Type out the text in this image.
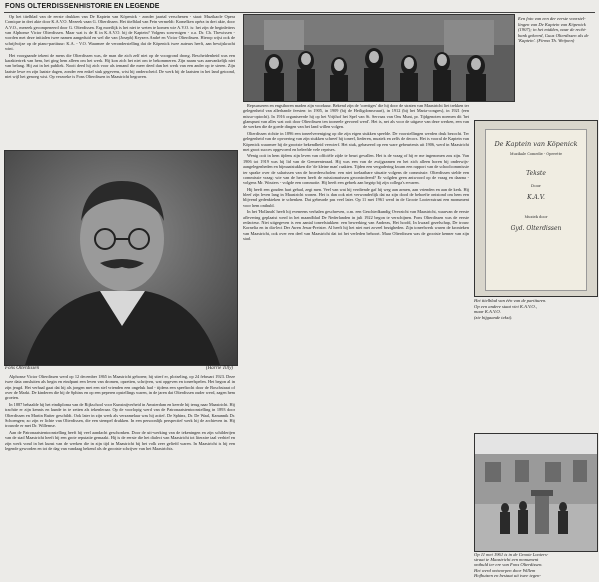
FONS OLTERDISSEN:
HISTORIE EN LEGENDE

Op het titelblad van de eerste drukken van De Kaptein van Köpenick - zonder jaartal verschenen - staat: Muzikaole Opera Comique in drei akte door K.A.V.O. Mezeek vaan G. Olterdissen. Het titelblad van Fein vermeldt: Komelken opéra in drei akte, door A.V.O., mezeek gecompeneerd door G. Olterdissen. Erg moeilijk is het niet te weten te komen wie A.V.O. is: het zijn de beginletters van Alphonse Victor Olterdissen. Maar wat is de K in K.A.V.O. bij de Kaptein? Volgens som-migen - o.a. Dr. Ch. Thewissen - worden met deze initialen twee namen aangeduid en wel die van (Joseph) Keyzers André en Victor Olterdissen. Hierop wijst ook de schrijfwijze op de piano-partituur: K.A. - V.O. Waarmee de veronderstelling dat de Köpenick twee auteurs heeft, aan bewijskracht wint.

Het voorgaande tekent de mens die Olterdissen was, de man die zich zelf niet op de voorgrond drong. Bescheidenheid was een karaktertrek van hem, het ging hem alleen om het werk. Hij kon zich het niet om te bekommeren. Zijn naam was aanvankelijk niet van belang. Hij zat in het publiek. Nooit deed hij zich voor als iemand die meer deed dan het werk van een ander op te sieren. Zijn laatste lewe en zijn laatste dagen, zonder een enkel stuk gegevens, wist hij onderscheid. De werk bij de laatsten in het land getoond, niet wijl het genoeg wist. Op verzoeke is Fons Olterdissen in Maastricht begraven.

Fons Olterdissen	(Harrie Tilly)

Alphonse Victor Olterdissen werd op 12 december 1865 in Maastricht geboren; hij stierf er, plotseling, op 24 februari 1923. Deze twee data omsluiten als begin en eindpunt een leven van dromen, opzetten, schrijven, wat opgeven en toneelspelen. Het begon al in zijn jeugd. Het verhaal gaat dat hij als jongen met een stel vrienden een ongeluk had - tijdens een speeltocht door de Boschstraat of over de Markt. De kinderen die bij de Sphinx en op een peperen opstellings waren, in de jaren dat Olterdissen ouder werd, zagen hem groeien.

In 1887 behaalde hij het eindiploma van de Rijkschool voor Kunstnijverheid in Amsterdam en keerde hij terug naar Maastricht. Hij trachtte er zijn kennis en kunde in te zetten als tekenleraar. Op de voorlopig werd van de Patronaatstentoonstelling in 1893 door Olterdissen en Martin Ruiter geschildt. Ook later in zijn werk als verzamelaar was hij actief. De Sphinx, Dr. De Waal, Kanunnik Dr. Schoengen; zo zijn er lichte van Olterdissen, die een stempel drukken. In een persoonlijk perspectief werk hij de archieven in. Hij trouwde er met Dr. Willemse.

Aan de Patronaatstentoonstelling heeft hij veel aandacht geschonken. Door de uit-werking van de tekeningen en zijn schilderijen van de stad Maastricht heeft hij een grote reputatie gemaakt. Hij is de eerste die het dialect van Maastricht tot literaire taal verhief en zijn werk vond in het kunst van de werken die in zijn tijd in Maastricht bij het volk zeer geliefd waren. In Maastricht is hij een legende geworden en tot de dag van vandaag bekend als de grootste schrijver van het Maastrichts.

Een foto van een der eerste voorstel-
lingen van De Kaptein van Köpenick
(1907); in het midden, naar de recht-
bank gekeerd, Guus Olterdissen als de
'Kaptein'. (Firma Th. Weijnen)

Repsusseren en engsthoren maden zijn voorkuur. Bekend zijn de 'coertiges' die hij door de straten van Maastricht liet trekken ter gelegenheid van allerhande feesten: in 1905, in 1909 (bij de Heiligdomsvaart), in 1912 (bij het Maria-congres), in 1921 (een misso-optocht). In 1916 organiseerde hij op het Vrijthof het Spel van St. Servaas van Ons Munt, pr. Tijdgenoten noemen dit 'het glanspunt van alles wat ooit door Olterdissen ten tooneele gevoerd werd'. Het is, net als voor de uitgave van deze werken, een van de werken die de goede dingen van het land willen volgen.

Olterdissen richtte in 1896 een toneelvereniging op die zijn eigen stukken speelde. De voorstellingen werden druk bezocht. Ter gelegenheid van de opvoering van zijn stukken schreef hij toneel, liederen, muziek en zelfs de decors. Het is vooral de Kaptein van Köpenick waarmee hij de grootste bekendheid verwierf. Het stuk, gebaseerd op een ware gebeurtenis uit 1906, werd in Maastricht met groot succes opgevoerd en beleefde vele reprises.

Wenig ooit in hem tijdens zijn leven van officiële zijde te beurt gevallen. Het is de vraag of hij er me ingenomen zou zijn. Van 1906 tot 1919 was hij lid van de Gemeenteraad. Hij was een van de zwijgzamen en het zich alleen horen bij onderwijs-aangelegenheden en bijmaatstukken die 'de kleine man' raakten. Tijden een vergadering kwam een rapport van de schoolcommissie ter sprake over de salarissen van de broederscholen: een niet toelaatbare situatie volgens de commissie. Olterdissen stelde een commissie vraag: wie van de heren heeft de missionarissen gecontroleerd? Er volgden geen antwoord op de vraag en daarna - volgens Mr. Wouters - volgde een commotie. Hij heeft een gebrek aan begrip bij zijn collega's ervaren.

Hij heeft een gouden hart gehad, zegt men. Veel van wat hij verdiende gaf hij weg aan armen, aan vrienden en aan de kerk. Hij bleef zijn leven lang in Maastricht wonen. Het is dan ook niet verwonderlijk dat na zijn dood de behoefte ontstond om hem een blijvend gedenkteken te schenken. Dat gebeurde pas veel later. Op 11 mei 1961 werd in de Groote Looiersstraat een monument voor hem onthuld.

In het 'Hollands' heeft hij eveneens verhalen geschreven, o.m. een Geschiedkundig Overzicht van Maastricht, waarvan de eerste aflevering geplaatst werd in het maandblad De Nederlanden in juli 1922 begon te verschijnen. Fons Olterdissen was de eerste redacteur. Niet uitgegeven is een aantal toneelstukken: een bewerking van Andreas, Het hoofd, In kwaad gezelschap, De trouw Kornelia en in dia-lect Der Awen Jesus-Preister. Al heeft hij het niet met zoveel bezigheden. Zijn toneelwerk waren de kronieken van Maastricht, ook over een deel van Maastricht dat tot het verleden behoort. Maar Olterdissen was de grootste kenner van zijn stad.

De Kaptein van Köpenick
Muzikale Comedie - Operette
Tekste
Door
K.A.V.
Muziek door
Gyd. Olterdissen
Het titelblad van één van de partituren.
Op een andere staat viet K.A.V.O.,
maar K.A.V.O.
(zie bijgaande tekst).
Op 11 mei 1961 is in de Groote Looiers-
straat te Maastricht een monument
onthuld ter ere van Fons Olterdissen.
Het werd ontworpen door Willem
Hofhuizen en bestaat uit twee tegen-
